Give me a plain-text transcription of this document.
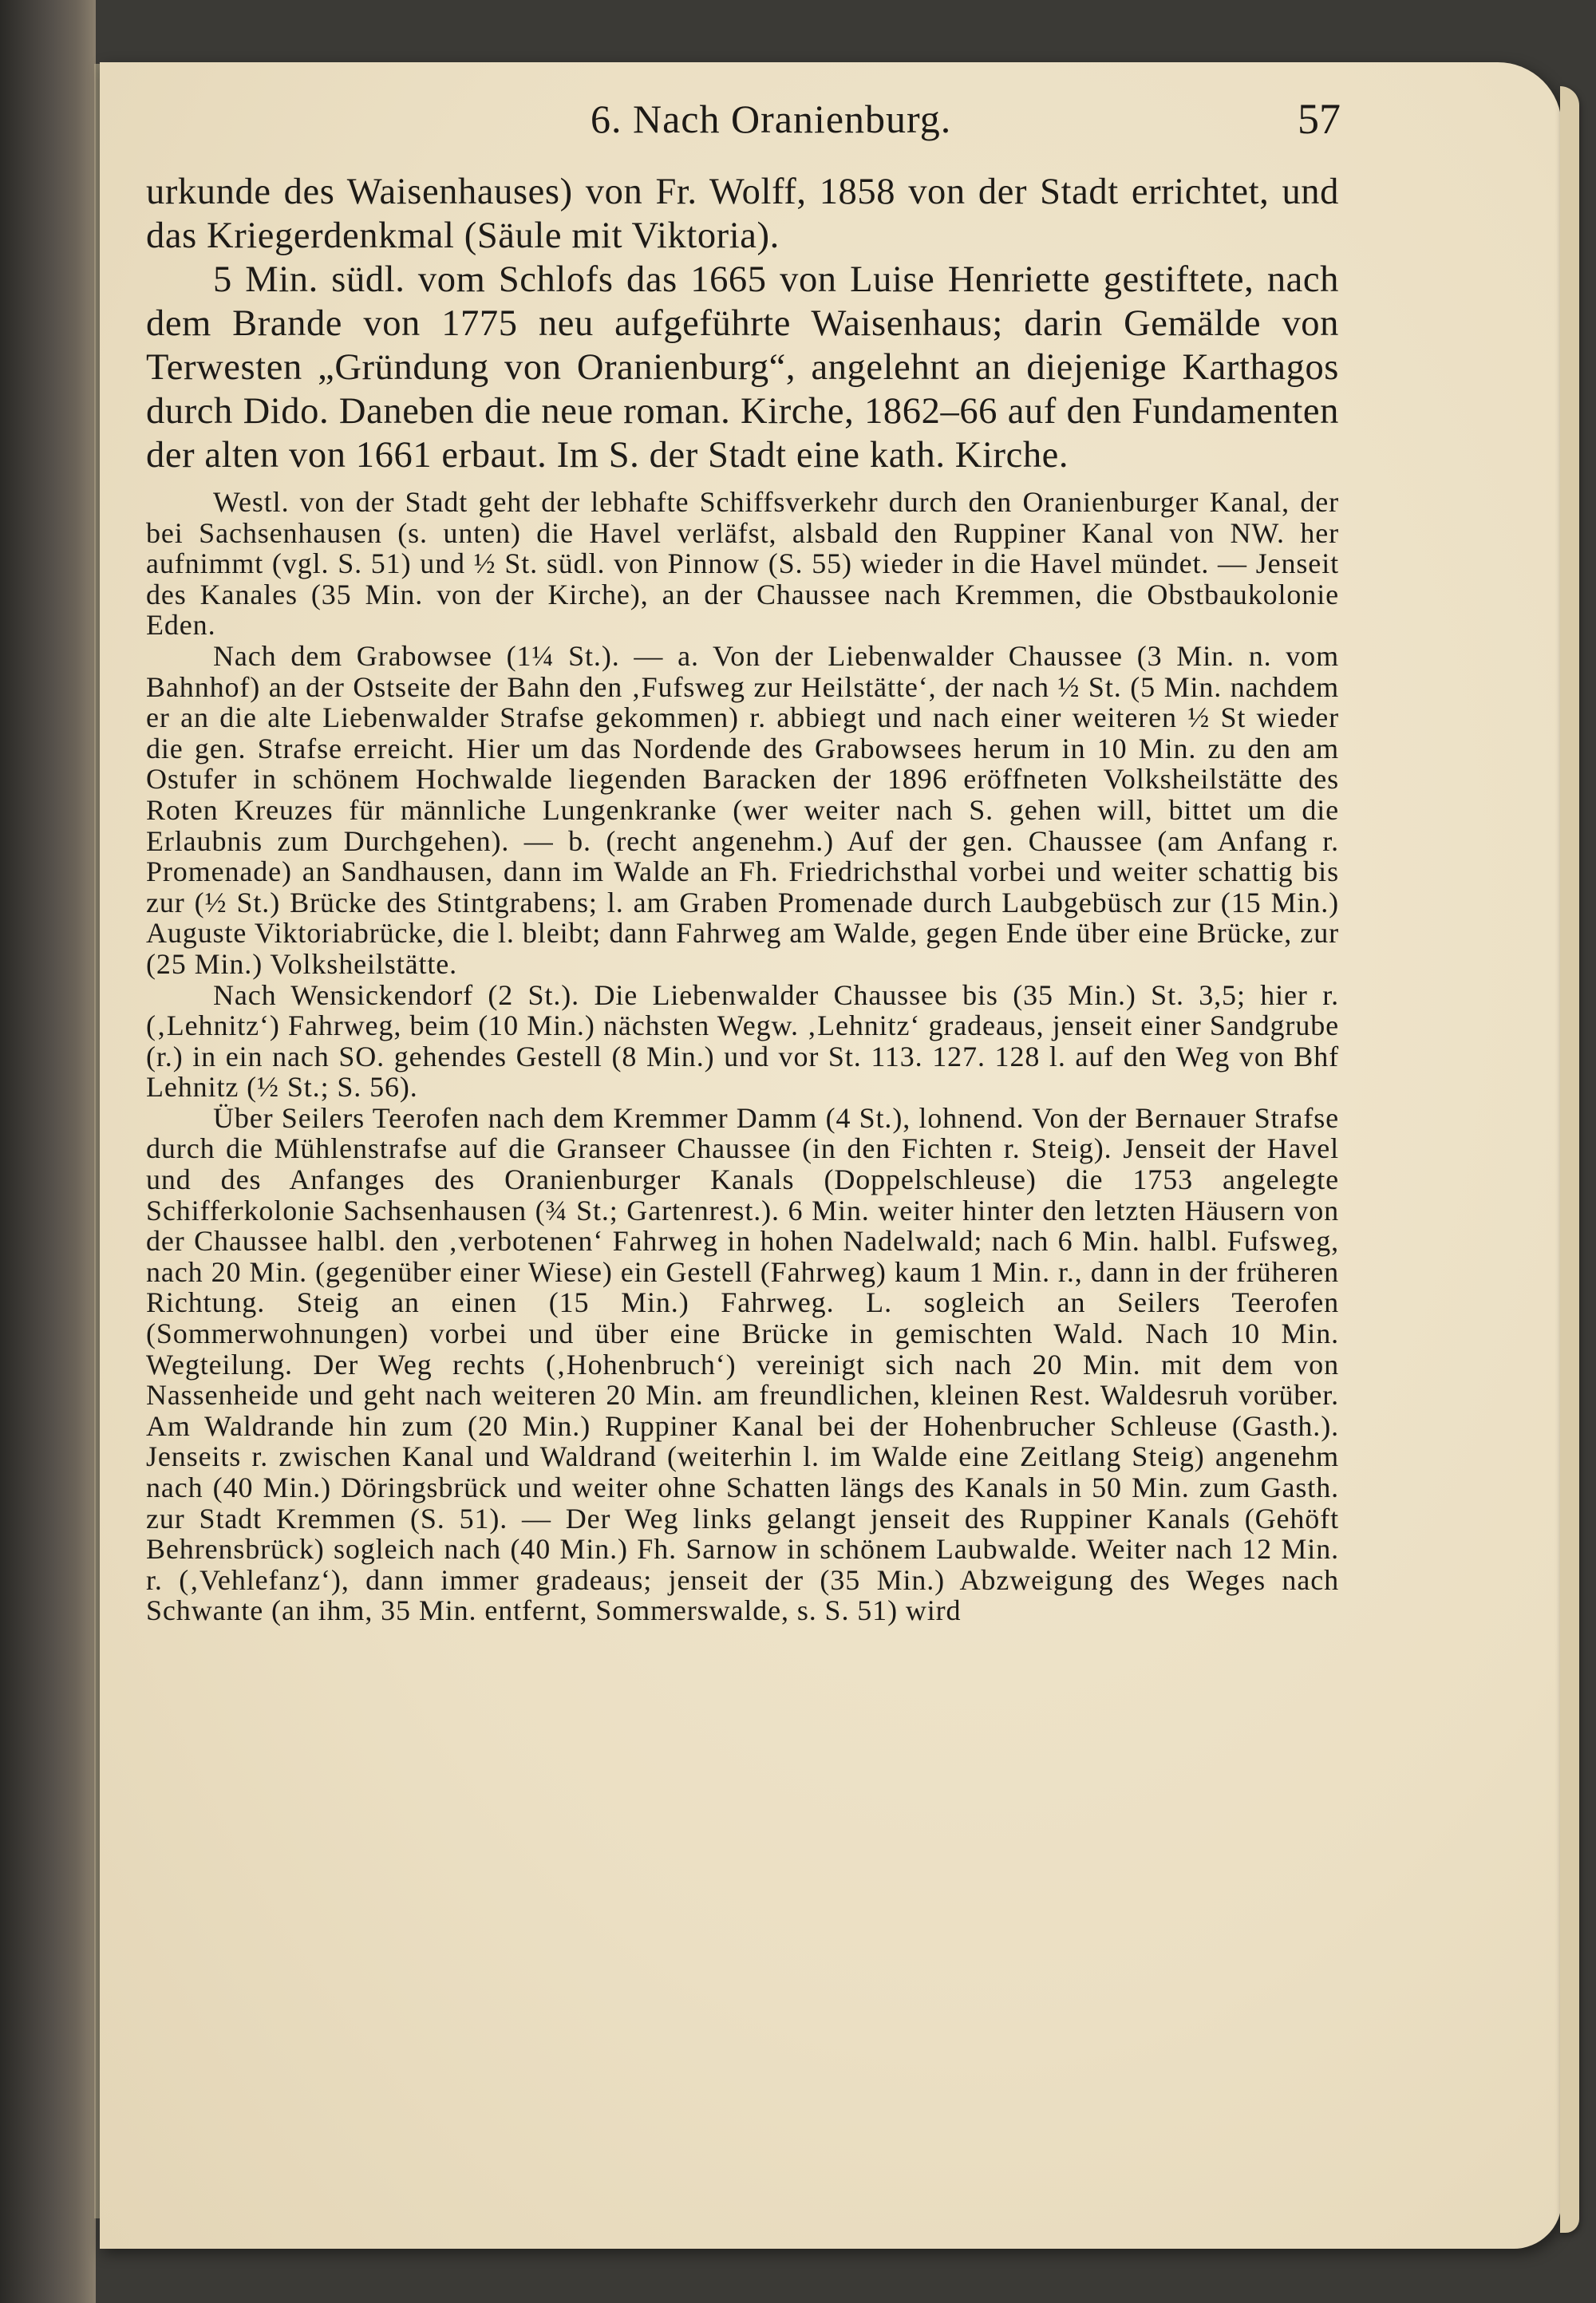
6. Nach Oranienburg.	57

urkunde des Waisenhauses) von Fr. Wolff, 1858 von der Stadt errichtet, und das Kriegerdenkmal (Säule mit Viktoria).

5 Min. südl. vom Schlofs das 1665 von Luise Henriette gestiftete, nach dem Brande von 1775 neu aufgeführte Waisenhaus; darin Gemälde von Terwesten „Gründung von Oranienburg“, angelehnt an diejenige Karthagos durch Dido. Daneben die neue roman. Kirche, 1862–66 auf den Fundamenten der alten von 1661 erbaut. Im S. der Stadt eine kath. Kirche.

Westl. von der Stadt geht der lebhafte Schiffsverkehr durch den Oranienburger Kanal, der bei Sachsenhausen (s. unten) die Havel verläfst, alsbald den Ruppiner Kanal von NW. her aufnimmt (vgl. S. 51) und ½ St. südl. von Pinnow (S. 55) wieder in die Havel mündet. — Jenseit des Kanales (35 Min. von der Kirche), an der Chaussee nach Kremmen, die Obstbaukolonie Eden.

Nach dem Grabowsee (1¼ St.). — a. Von der Liebenwalder Chaussee (3 Min. n. vom Bahnhof) an der Ostseite der Bahn den ‚Fufsweg zur Heilstätte‘, der nach ½ St. (5 Min. nachdem er an die alte Liebenwalder Strafse gekommen) r. abbiegt und nach einer weiteren ½ St wieder die gen. Strafse erreicht. Hier um das Nordende des Grabowsees herum in 10 Min. zu den am Ostufer in schönem Hochwalde liegenden Baracken der 1896 eröffneten Volksheilstätte des Roten Kreuzes für männliche Lungenkranke (wer weiter nach S. gehen will, bittet um die Erlaubnis zum Durchgehen). — b. (recht angenehm.) Auf der gen. Chaussee (am Anfang r. Promenade) an Sandhausen, dann im Walde an Fh. Friedrichsthal vorbei und weiter schattig bis zur (½ St.) Brücke des Stintgrabens; l. am Graben Promenade durch Laubgebüsch zur (15 Min.) Auguste Viktoriabrücke, die l. bleibt; dann Fahrweg am Walde, gegen Ende über eine Brücke, zur (25 Min.) Volksheilstätte.

Nach Wensickendorf (2 St.). Die Liebenwalder Chaussee bis (35 Min.) St. 3,5; hier r. (‚Lehnitz‘) Fahrweg, beim (10 Min.) nächsten Wegw. ‚Lehnitz‘ gradeaus, jenseit einer Sandgrube (r.) in ein nach SO. gehendes Gestell (8 Min.) und vor St. 113. 127. 128 l. auf den Weg von Bhf Lehnitz (½ St.; S. 56).

Über Seilers Teerofen nach dem Kremmer Damm (4 St.), lohnend. Von der Bernauer Strafse durch die Mühlenstrafse auf die Granseer Chaussee (in den Fichten r. Steig). Jenseit der Havel und des Anfanges des Oranienburger Kanals (Doppelschleuse) die 1753 angelegte Schifferkolonie Sachsenhausen (¾ St.; Gartenrest.). 6 Min. weiter hinter den letzten Häusern von der Chaussee halbl. den ‚verbotenen‘ Fahrweg in hohen Nadelwald; nach 6 Min. halbl. Fufsweg, nach 20 Min. (gegenüber einer Wiese) ein Gestell (Fahrweg) kaum 1 Min. r., dann in der früheren Richtung. Steig an einen (15 Min.) Fahrweg. L. sogleich an Seilers Teerofen (Sommerwohnungen) vorbei und über eine Brücke in gemischten Wald. Nach 10 Min. Wegteilung. Der Weg rechts (‚Hohenbruch‘) vereinigt sich nach 20 Min. mit dem von Nassenheide und geht nach weiteren 20 Min. am freundlichen, kleinen Rest. Waldesruh vorüber. Am Waldrande hin zum (20 Min.) Ruppiner Kanal bei der Hohenbrucher Schleuse (Gasth.). Jenseits r. zwischen Kanal und Waldrand (weiterhin l. im Walde eine Zeitlang Steig) angenehm nach (40 Min.) Döringsbrück und weiter ohne Schatten längs des Kanals in 50 Min. zum Gasth. zur Stadt Kremmen (S. 51). — Der Weg links gelangt jenseit des Ruppiner Kanals (Gehöft Behrensbrück) sogleich nach (40 Min.) Fh. Sarnow in schönem Laubwalde. Weiter nach 12 Min. r. (‚Vehlefanz‘), dann immer gradeaus; jenseit der (35 Min.) Abzweigung des Weges nach Schwante (an ihm, 35 Min. entfernt, Sommerswalde, s. S. 51) wird
